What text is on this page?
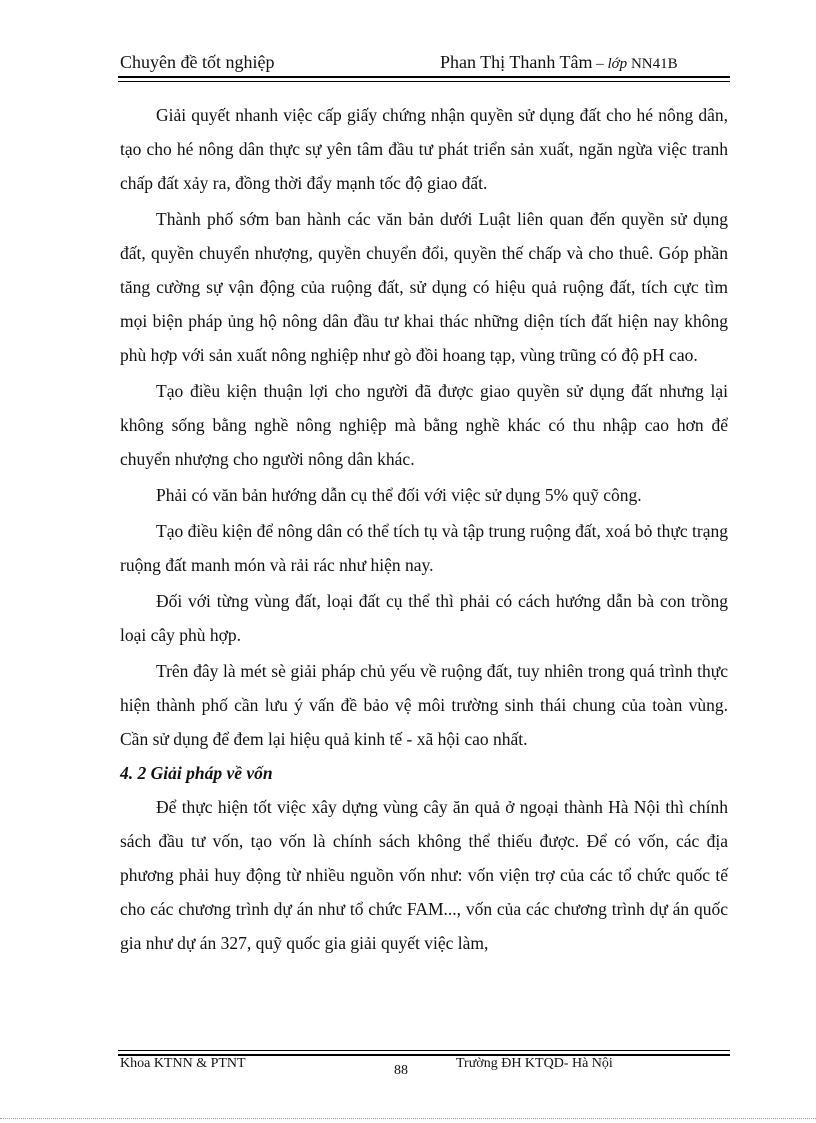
Chuyên đề tốt nghiệp	Phan Thị Thanh Tâm – lớp NN41B

Giải quyết nhanh việc cấp giấy chứng nhận quyền sử dụng đất cho hé nông dân, tạo cho hé nông dân thực sự yên tâm đầu tư phát triển sản xuất, ngăn ngừa việc tranh chấp đất xảy ra, đồng thời đẩy mạnh tốc độ giao đất.

Thành phố sớm ban hành các văn bản dưới Luật liên quan đến quyền sử dụng đất, quyền chuyển nhượng, quyền chuyển đổi, quyền thế chấp và cho thuê. Góp phần tăng cường sự vận động của ruộng đất, sử dụng có hiệu quả ruộng đất, tích cực tìm mọi biện pháp ủng hộ nông dân đầu tư khai thác những diện tích đất hiện nay không phù hợp với sản xuất nông nghiệp như gò đồi hoang tạp, vùng trũng có độ pH cao.

Tạo điều kiện thuận lợi cho người đã được giao quyền sử dụng đất nhưng lại không sống bằng nghề nông nghiệp mà bằng nghề khác có thu nhập cao hơn để chuyển nhượng cho người nông dân khác.

Phải có văn bản hướng dẫn cụ thể đối với việc sử dụng 5% quỹ công.

Tạo điều kiện để nông dân có thể tích tụ và tập trung ruộng đất, xoá bỏ thực trạng ruộng đất manh món và rải rác như hiện nay.

Đối với từng vùng đất, loại đất cụ thể thì phải có cách hướng dẫn bà con trồng loại cây phù hợp.

Trên đây là mét sè giải pháp chủ yếu về ruộng đất, tuy nhiên trong quá trình thực hiện thành phố cần lưu ý vấn đề bảo vệ môi trường sinh thái chung của toàn vùng. Cần sử dụng để đem lại hiệu quả kinh tế - xã hội cao nhất.

4. 2 Giải pháp về vốn

Để thực hiện tốt việc xây dựng vùng cây ăn quả ở ngoại thành Hà Nội thì chính sách đầu tư vốn, tạo vốn là chính sách không thể thiếu được. Để có vốn, các địa phương phải huy động từ nhiều nguồn vốn như: vốn viện trợ của các tổ chức quốc tế cho các chương trình dự án như tổ chức FAM..., vốn của các chương trình dự án quốc gia như dự án 327, quỹ quốc gia giải quyết việc làm,

Khoa KTNN & PTNT	88	Trường ĐH KTQD- Hà Nội
